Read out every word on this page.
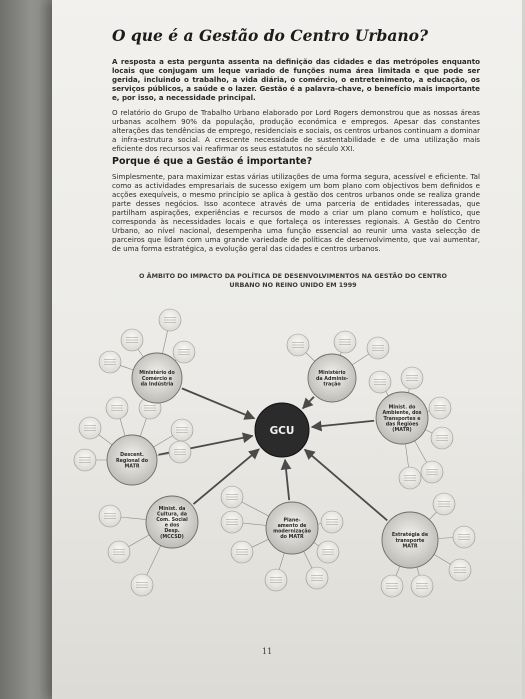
O que é a Gestão do Centro Urbano?

A resposta a esta pergunta assenta na definição das cidades e das metrópoles enquanto locais que conjugam um leque variado de funções numa área limitada e que pode ser gerida, incluindo o trabalho, a vida diária, o comércio, o entretenimento, a educação, os serviços públicos, a saúde e o lazer. Gestão é a palavra-chave, o benefício mais importante e, por isso, a necessidade principal.

O relatório do Grupo de Trabalho Urbano elaborado por Lord Rogers demonstrou que as nossas áreas urbanas acolhem 90% da população, produção económica e empregos. Apesar das constantes alterações das tendências de emprego, residenciais e sociais, os centros urbanos continuam a dominar a infra-estrutura social. A crescente necessidade de sustentabilidade e de uma utilização mais eficiente dos recursos vai reafirmar os seus estatutos no século XXI.

Porque é que a Gestão é importante?

Simplesmente, para maximizar estas várias utilizações de uma forma segura, acessível e eficiente. Tal como as actividades empresariais de sucesso exigem um bom plano com objectivos bem definidos e acções exequíveis, o mesmo princípio se aplica à gestão dos centros urbanos onde se realiza grande parte desses negócios. Isso acontece através de uma parceria de entidades interessadas, que partilham aspirações, experiências e recursos de modo a criar um plano comum e holístico, que corresponda às necessidades locais e que fortaleça os interesses regionais. A Gestão do Centro Urbano, ao nível nacional, desempenha uma função essencial ao reunir uma vasta selecção de parceiros que lidam com uma grande variedade de políticas de desenvolvimento, que vai aumentar, de uma forma estratégica, a evolução geral das cidades e centros urbanos.

O ÂMBITO DO IMPACTO DA POLÍTICA DE DESENVOLVIMENTOS NA GESTÃO DO CENTRO
URBANO NO REINO UNIDO EM 1999
Ministério do
Comércio e
da Indústria
Ministério
da Adminis-
tração
Minist. do
Ambiente, dos
Transportes e
das Regiões
(MATR)
Descent.
Regional do
MATR
Minist. da
Cultura, da
Com. Social
e dos
Desp.
(MCCSD)
Plane-
amento de
modernização
do MATR	Estratégia de
transporte
MATR
GCU
11
